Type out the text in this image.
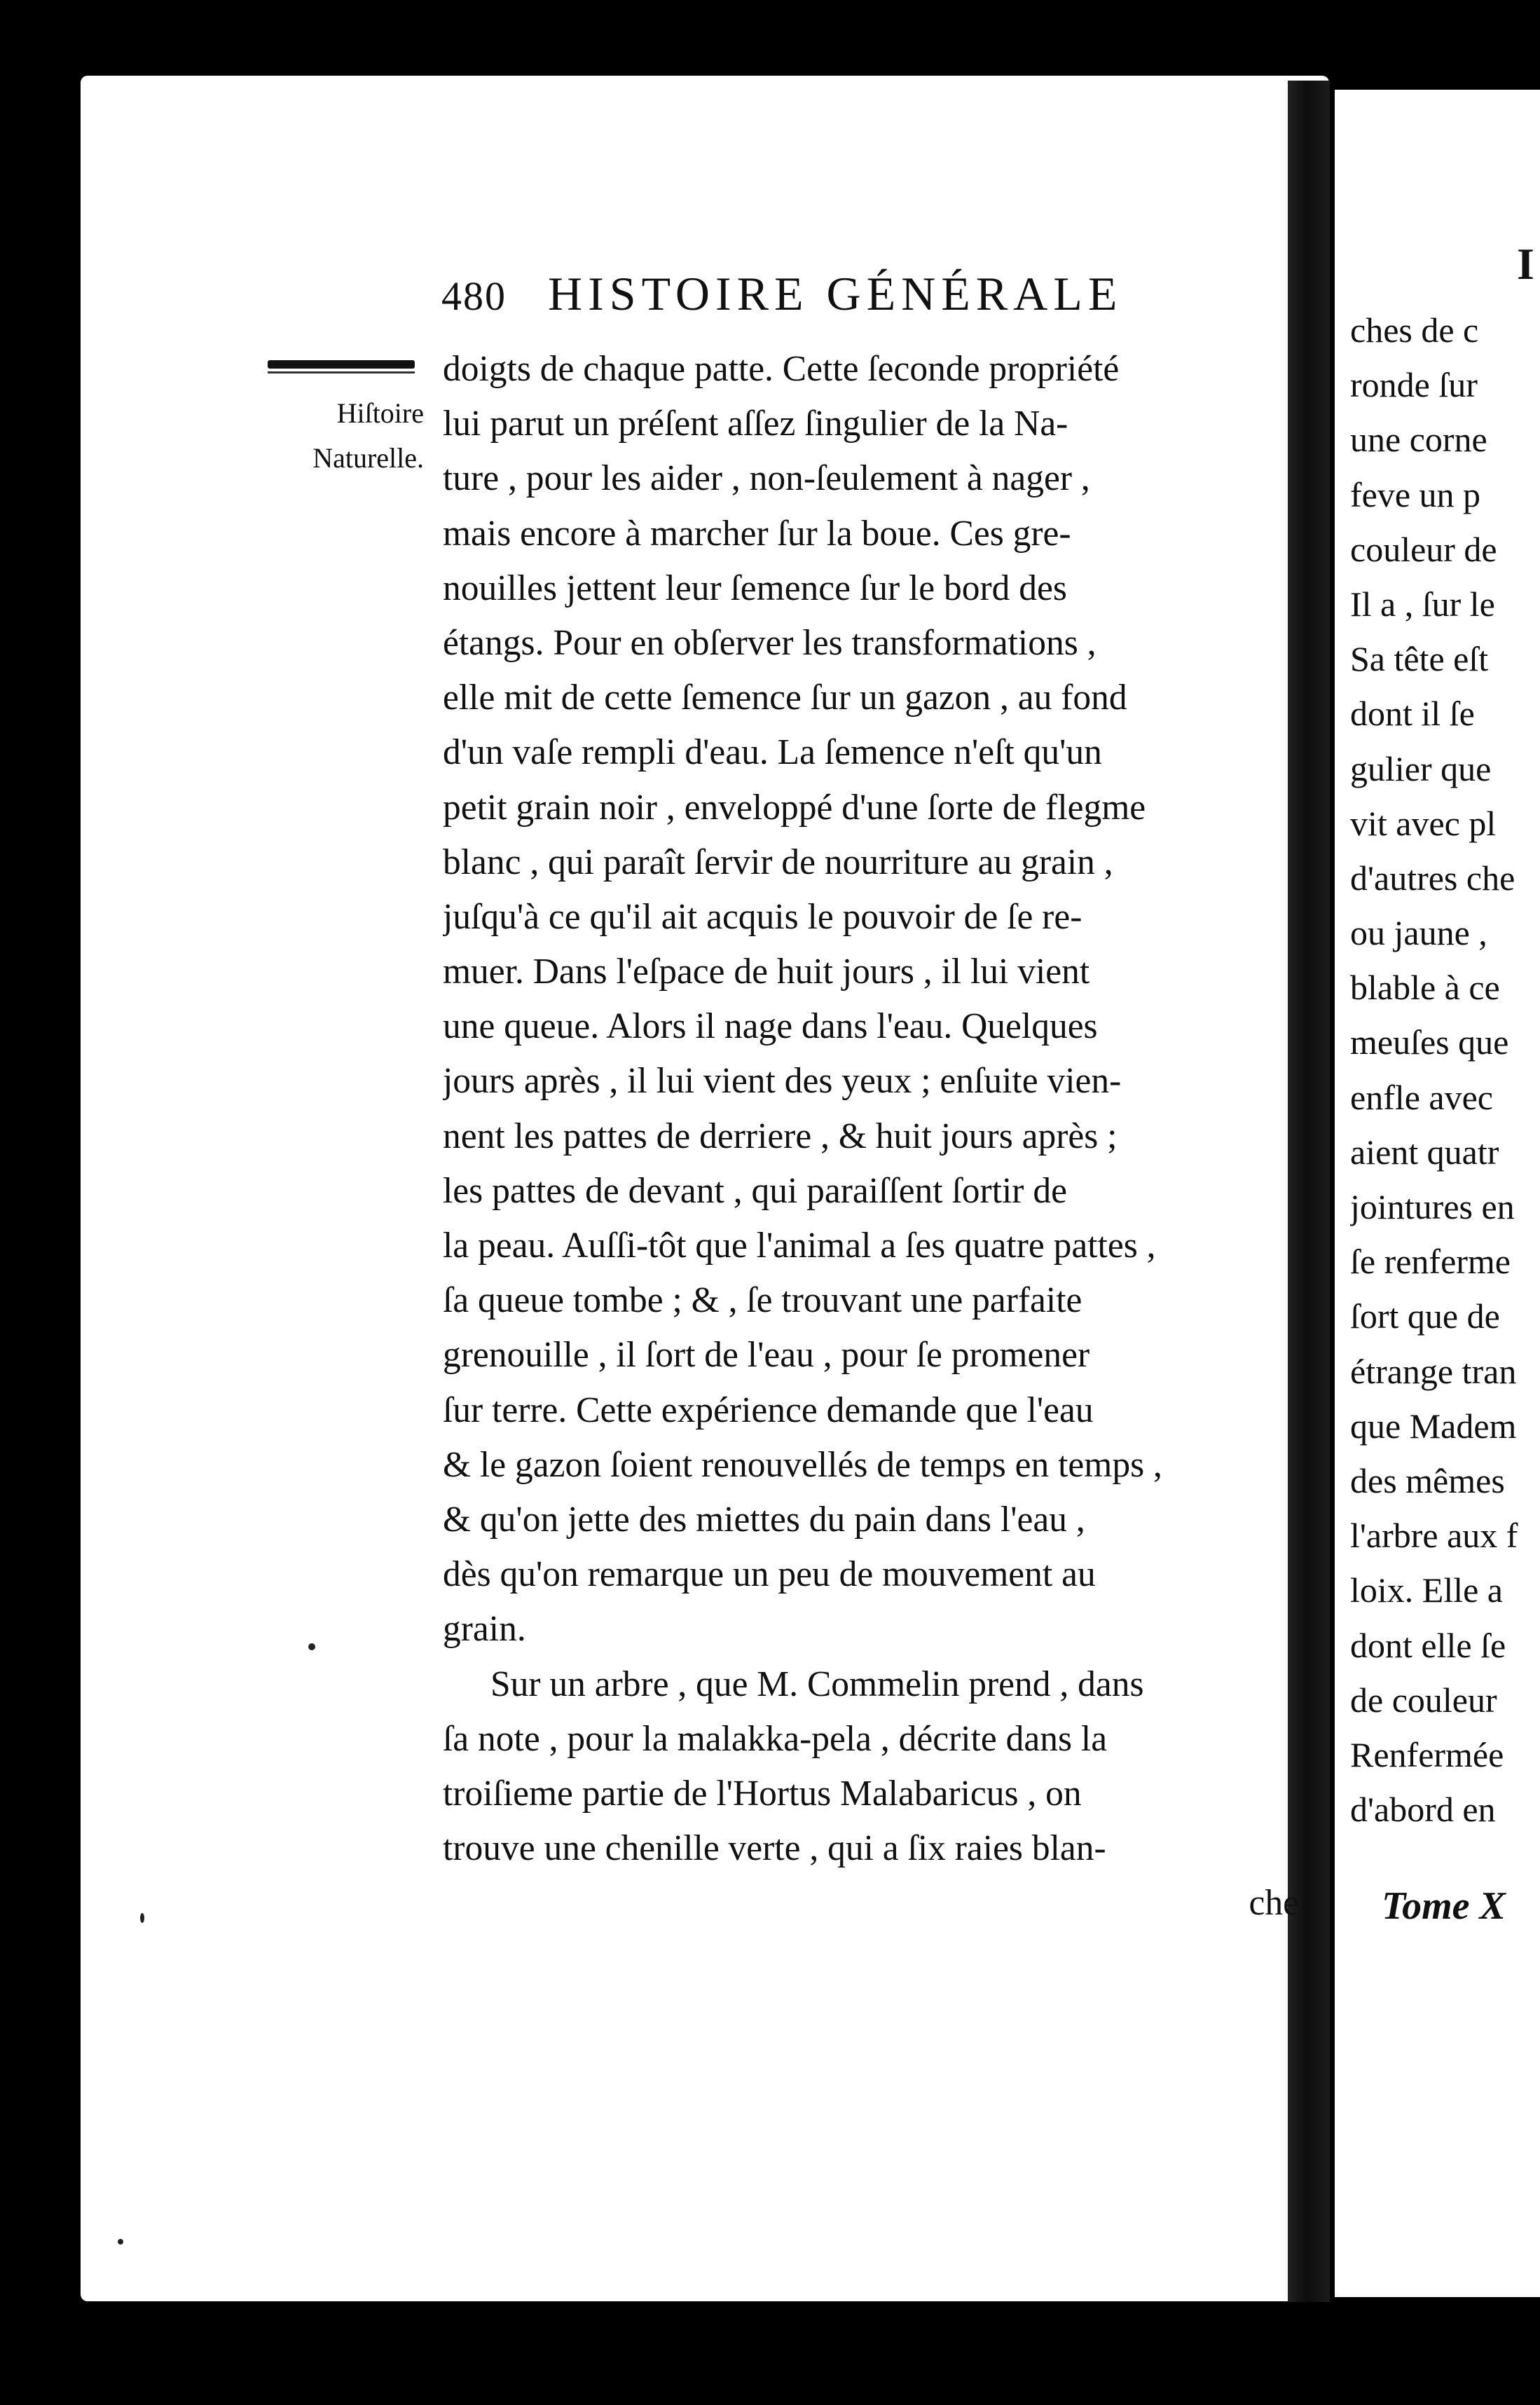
480 HISTOIRE GÉNÉRALE
Hiſtoire
Naturelle.
doigts de chaque patte. Cette ſeconde propriété
lui parut un préſent aſſez ſingulier de la Na-
ture , pour les aider , non-ſeulement à nager ,
mais encore à marcher ſur la boue. Ces gre-
nouilles jettent leur ſemence ſur le bord des
étangs. Pour en obſerver les transformations ,
elle mit de cette ſemence ſur un gazon , au fond
d'un vaſe rempli d'eau. La ſemence n'eſt qu'un
petit grain noir , enveloppé d'une ſorte de flegme
blanc , qui paraît ſervir de nourriture au grain ,
juſqu'à ce qu'il ait acquis le pouvoir de ſe re-
muer. Dans l'eſpace de huit jours , il lui vient
une queue. Alors il nage dans l'eau. Quelques
jours après , il lui vient des yeux ; enſuite vien-
nent les pattes de derriere , & huit jours après ;
les pattes de devant , qui paraiſſent ſortir de
la peau. Auſſi-tôt que l'animal a ſes quatre pattes ,
ſa queue tombe ; & , ſe trouvant une parfaite
grenouille , il ſort de l'eau , pour ſe promener
ſur terre. Cette expérience demande que l'eau
& le gazon ſoient renouvellés de temps en temps ,
& qu'on jette des miettes du pain dans l'eau ,
dès qu'on remarque un peu de mouvement au
grain.
Sur un arbre , que M. Commelin prend , dans
ſa note , pour la malakka-pela , décrite dans la
troiſieme partie de l'Hortus Malabaricus , on
trouve une chenille verte , qui a ſix raies blan-
che
I
ches de c
ronde ſur
une corne
feve un p
couleur de
Il a , ſur le
Sa tête eſt
dont il ſe
gulier que
vit avec pl
d'autres che
ou jaune ,
blable à ce
meuſes que
enfle avec
aient quatr
jointures en
ſe renferme
ſort que de
étrange tran
que Madem
des mêmes
l'arbre aux f
loix. Elle a
dont elle ſe
de couleur
Renfermée
d'abord en
Tome X
